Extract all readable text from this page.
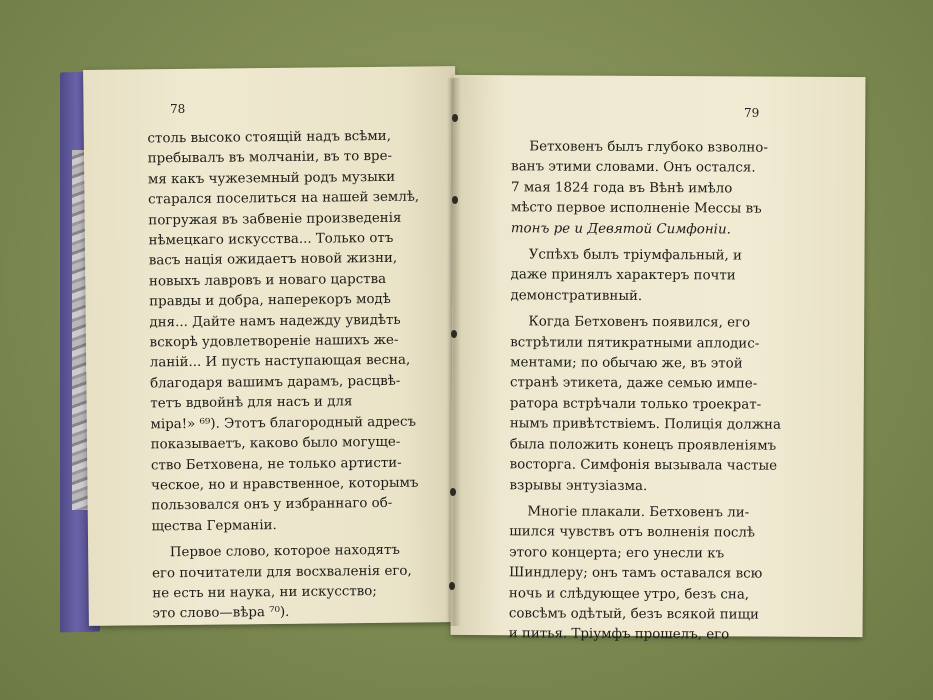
78	79
столь высоко стоящій надъ всѣми,
пребывалъ въ молчаніи, въ то вре-
мя какъ чужеземный родъ музыки
старался поселиться на нашей землѣ,
погружая въ забвеніе произведенія
нѣмецкаго искусства... Только отъ
васъ нація ожидаетъ новой жизни,
новыхъ лавровъ и новаго царства
правды и добра, наперекоръ модѣ
дня... Дайте намъ надежду увидѣть
вскорѣ удовлетвореніе нашихъ же-
ланій... И пусть наступающая весна,
благодаря вашимъ дарамъ, расцвѣ-
тетъ вдвойнѣ для насъ и для
міра!» ⁶⁹). Этотъ благородный адресъ
показываетъ, каково было могуще-
ство Бетховена, не только артисти-
ческое, но и нравственное, которымъ
пользовался онъ у избраннаго об-
щества Германіи.
Первое слово, которое находятъ
его почитатели для восхваленія его,
не есть ни наука, ни искусство;
это слово—вѣра ⁷⁰).
Бетховенъ былъ глубоко взволно-
ванъ этими словами. Онъ остался.
7 мая 1824 года въ Вѣнѣ имѣло
мѣсто первое исполненіе Мессы въ
тонъ ре и Девятой Симфоніи.
Успѣхъ былъ тріумфальный, и
даже принялъ характеръ почти
демонстративный.
Когда Бетховенъ появился, его
встрѣтили пятикратными аплодис-
ментами; по обычаю же, въ этой
странѣ этикета, даже семью импе-
ратора встрѣчали только троекрат-
нымъ привѣтствіемъ. Полиція должна
была положить конецъ проявленіямъ
восторга. Симфонія вызывала частые
взрывы энтузіазма.
Многіе плакали. Бетховенъ ли-
шился чувствъ отъ волненія послѣ
этого концерта; его унесли къ
Шиндлеру; онъ тамъ оставался всю
ночь и слѣдующее утро, безъ сна,
совсѣмъ одѣтый, безъ всякой пищи
и питья. Тріумфъ прошелъ, его
